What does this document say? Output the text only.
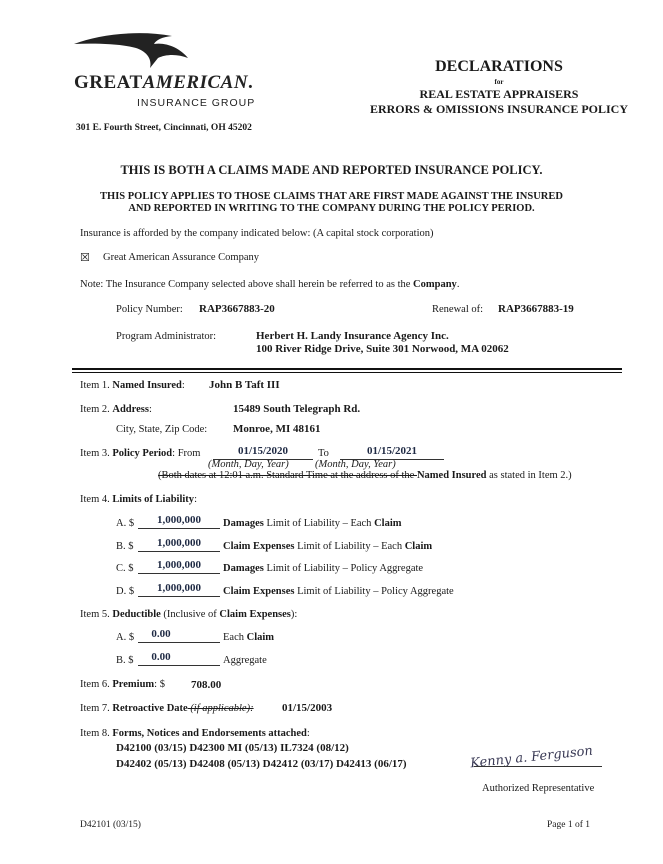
GREATAMERICAN.
INSURANCE GROUP
301 E. Fourth Street, Cincinnati, OH 45202
DECLARATIONS
for
REAL ESTATE APPRAISERS
ERRORS & OMISSIONS INSURANCE POLICY
THIS IS BOTH A CLAIMS MADE AND REPORTED INSURANCE POLICY.
THIS POLICY APPLIES TO THOSE CLAIMS THAT ARE FIRST MADE AGAINST THE INSURED
AND REPORTED IN WRITING TO THE COMPANY DURING THE POLICY PERIOD.
Insurance is afforded by the company indicated below: (A capital stock corporation)
☒ Great American Assurance Company
Note: The Insurance Company selected above shall herein be referred to as the Company.
Policy Number: RAP3667883-20	Renewal of: RAP3667883-19
Program Administrator:	Herbert H. Landy Insurance Agency Inc.
100 River Ridge Drive, Suite 301 Norwood, MA 02062
Item 1. Named Insured: John B Taft III
Item 2. Address:	15489 South Telegraph Rd.
City, State, Zip Code: Monroe, MI 48161
Item 3. Policy Period: From	01/15/2020	To	01/15/2021
(Month, Day, Year)	(Month, Day, Year)
(Both dates at 12:01 a.m. Standard Time at the address of the Named Insured as stated in Item 2.)
Item 4. Limits of Liability:
A. $	1,000,000	Damages Limit of Liability – Each Claim
B. $	1,000,000	Claim Expenses Limit of Liability – Each Claim
C. $	1,000,000	Damages Limit of Liability – Policy Aggregate
D. $	1,000,000	Claim Expenses Limit of Liability – Policy Aggregate
Item 5. Deductible (Inclusive of Claim Expenses):
A. $	0.00	Each Claim
B. $	0.00	Aggregate
Item 6. Premium: $ 708.00
Item 7. Retroactive Date (if applicable):	01/15/2003
Item 8. Forms, Notices and Endorsements attached:
D42100 (03/15) D42300 MI (05/13) IL7324 (08/12)
D42402 (05/13) D42408 (05/13) D42412 (03/17) D42413 (06/17)	Kenny a. Ferguson
Authorized Representative
D42101 (03/15)	Page 1 of 1
